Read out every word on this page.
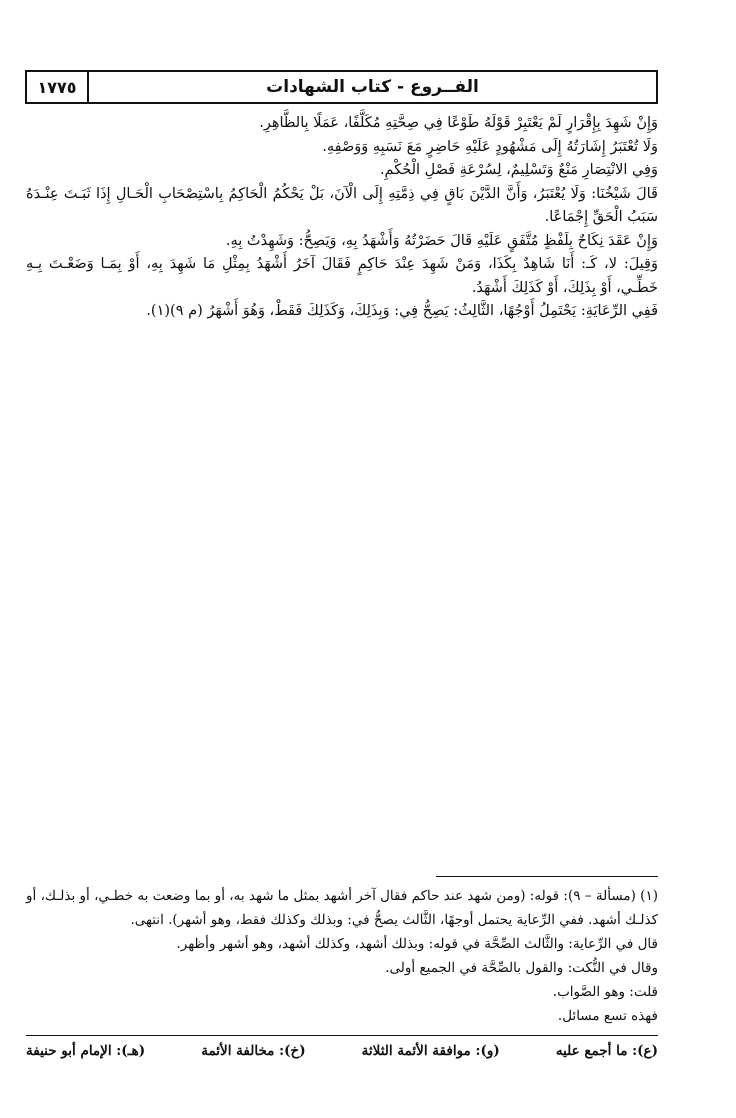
الفــروع - كتاب الشهادات
١٧٧٥

وَإِنْ شَهِدَ بِإِقْرَارٍ لَمْ يَعْتَبِرْ قَوْلَهُ طَوْعًا فِي صِحَّتِهِ مُكَلَّفًا، عَمَلًا بِالظَّاهِرِ.

وَلَا تُعْتَبَرُ إِشَارَتُهُ إِلَى مَشْهُودٍ عَلَيْهِ حَاضِرٍ مَعَ نَسَبِهِ وَوَصْفِهِ.

وَفِي الانْتِصَارِ مَنْعٌ وَتَسْلِيمٌ، لِسُرْعَةِ فَصْلِ الْحُكْمِ.

قَالَ شَيْخُنَا: وَلَا يُعْتَبَرُ، وَأَنَّ الدَّيْنَ بَاقٍ فِي ذِمَّتِهِ إِلَى الْآنَ، بَلْ يَحْكُمُ الْحَاكِمُ بِاسْتِصْحَابِ الْحَـالِ إِذَا ثَبَـتَ عِنْـدَهُ سَبَبُ الْحَقِّ إِجْمَاعًا.

وَإِنْ عَقَدَ نِكَاحٌ بِلَفْظٍ مُتَّفَقٍ عَلَيْهِ قَالَ حَضَرْتُهُ وَأَشْهَدُ بِهِ، وَيَصِحُّ: وَشَهِدْتُ بِهِ.

وَقِيلَ: لا، كَـ: أَنَا شَاهِدٌ بِكَذَا، وَمَنْ شَهِدَ عِنْدَ حَاكِمٍ فَقَالَ آخَرُ أَشْهَدُ بِمِثْلِ مَا شَهِدَ بِهِ، أَوْ بِمَـا وَضَعْـتَ بِـهِ خَطِّـي، أَوْ بِذَلِكَ، أَوْ كَذَلِكَ أَشْهَدُ.

فَفِي الرِّعَايَةِ: يَحْتَمِلُ أَوْجُهًا، الثَّالِثُ: يَصِحُّ فِي: وَبِذَلِكَ، وَكَذَلِكَ فَقَطْ، وَهُوَ أَشْهَرُ (م ٩)(١).

(١) (مسألة – ٩): قوله: (ومن شهد عند حاكم فقال آخر أشهد بمثل ما شهد به، أو بما وضعت به خطـي، أو بذلـك، أو كذلـك أشهد. ففي الرِّعاية يحتمل أوجهًا، الثَّالث يصحُّ في: وبذلك وكذلك فقط، وهو أشهر). انتهى.

قال في الرِّعاية: والثَّالث الصِّحَّة في قوله: وبذلك أشهد، وكذلك أشهد، وهو أشهر وأظهر.

وقال في النُّكت: والقول بالصِّحَّة في الجميع أولى.

قلت: وهو الصَّواب.

فهذه تسع مسائل.

(ع): ما أجمع عليه
(و): موافقة الأئمة الثلاثة
(خ): مخالفة الأئمة
(هـ): الإمام أبو حنيفة
